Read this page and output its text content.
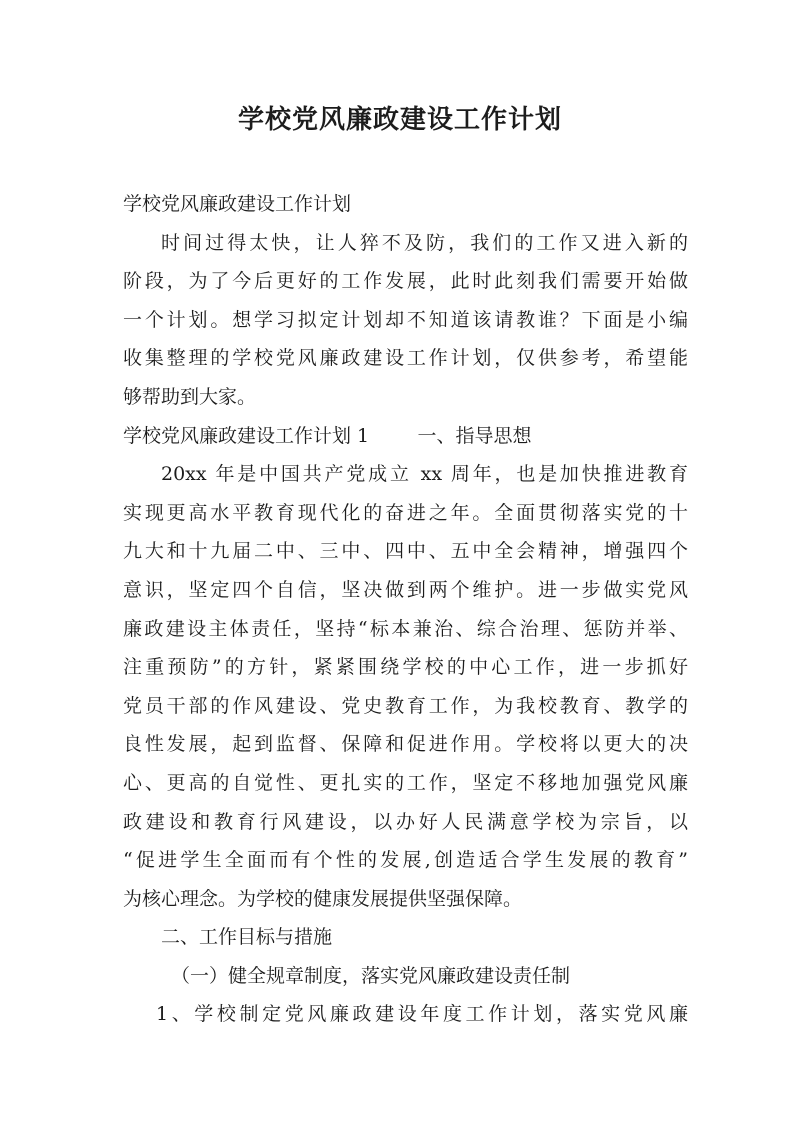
学校党风廉政建设工作计划
学校党风廉政建设工作计划
时间过得太快，让人猝不及防，我们的工作又进入新的
阶段，为了今后更好的工作发展，此时此刻我们需要开始做
一个计划。想学习拟定计划却不知道该请教谁？下面是小编
收集整理的学校党风廉政建设工作计划，仅供参考，希望能
够帮助到大家。
学校党风廉政建设工作计划 1        一、指导思想
20xx 年是中国共产党成立 xx 周年，也是加快推进教育
实现更高水平教育现代化的奋进之年。全面贯彻落实党的十
九大和十九届二中、三中、四中、五中全会精神，增强四个
意识，坚定四个自信，坚决做到两个维护。进一步做实党风
廉政建设主体责任，坚持“标本兼治、综合治理、惩防并举、
注重预防”的方针，紧紧围绕学校的中心工作，进一步抓好
党员干部的作风建设、党史教育工作，为我校教育、教学的
良性发展，起到监督、保障和促进作用。学校将以更大的决
心、更高的自觉性、更扎实的工作，坚定不移地加强党风廉
政建设和教育行风建设，以办好人民满意学校为宗旨，以
“促进学生全面而有个性的发展,创造适合学生发展的教育”
为核心理念。为学校的健康发展提供坚强保障。
二、工作目标与措施
（一）健全规章制度，落实党风廉政建设责任制
1、学校制定党风廉政建设年度工作计划，落实党风廉
